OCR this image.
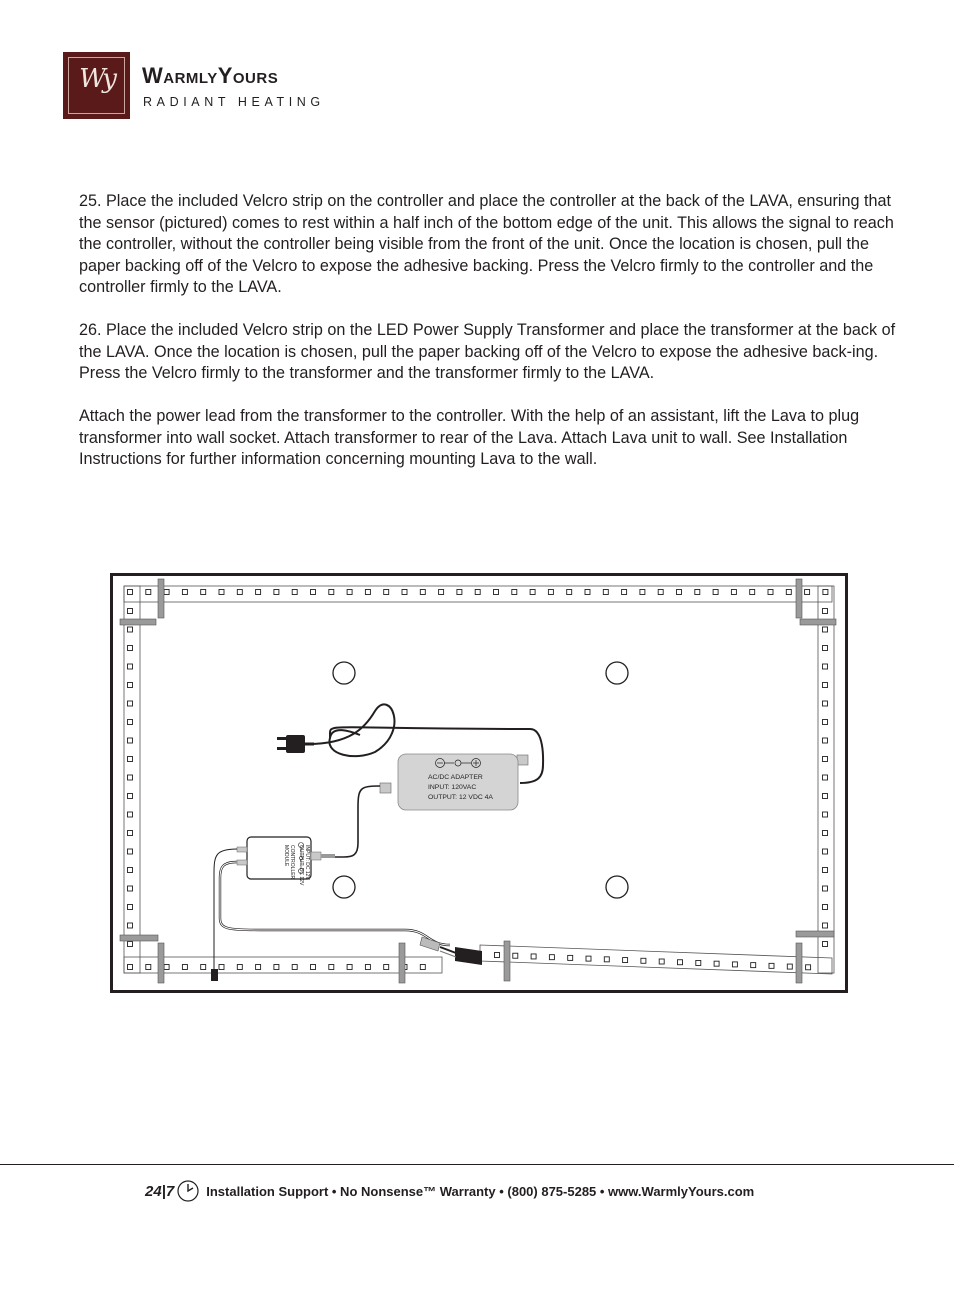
Wy	WarmlyYours
RADIANT HEATING

25. Place the included Velcro strip on the controller and place the controller at the back of the LAVA, ensuring that the sensor (pictured) comes to rest within a half inch of the bottom edge of the unit. This allows the signal to reach the controller, without the controller being visible from the front of the unit. Once the location is chosen, pull the paper backing off of the Velcro to expose the adhesive backing. Press the Velcro firmly to the controller and the controller firmly to the LAVA.

26. Place the included Velcro strip on the LED Power Supply Transformer and place the transformer at the back of the LAVA. Once the location is chosen, pull the paper backing off of the Velcro to expose the adhesive back-ing. Press the Velcro firmly to the transformer and the transformer firmly to the LAVA.

Attach the power lead from the transformer to the controller. With the help of an assistant, lift the Lava to plug transformer into wall socket. Attach transformer to rear of the Lava. Attach Lava unit to wall. See Installation Instructions for further information concerning mounting Lava to the wall.

AC/DC ADAPTER
INPUT: 120VAC
OUTPUT: 12 VDC 4A
INPUT: DC 12V
OUTPUT: DC 12V
CONTROLLER
MODULE
24|7 Installation Support • No Nonsense™ Warranty • (800) 875-5285 • www.WarmlyYours.com
